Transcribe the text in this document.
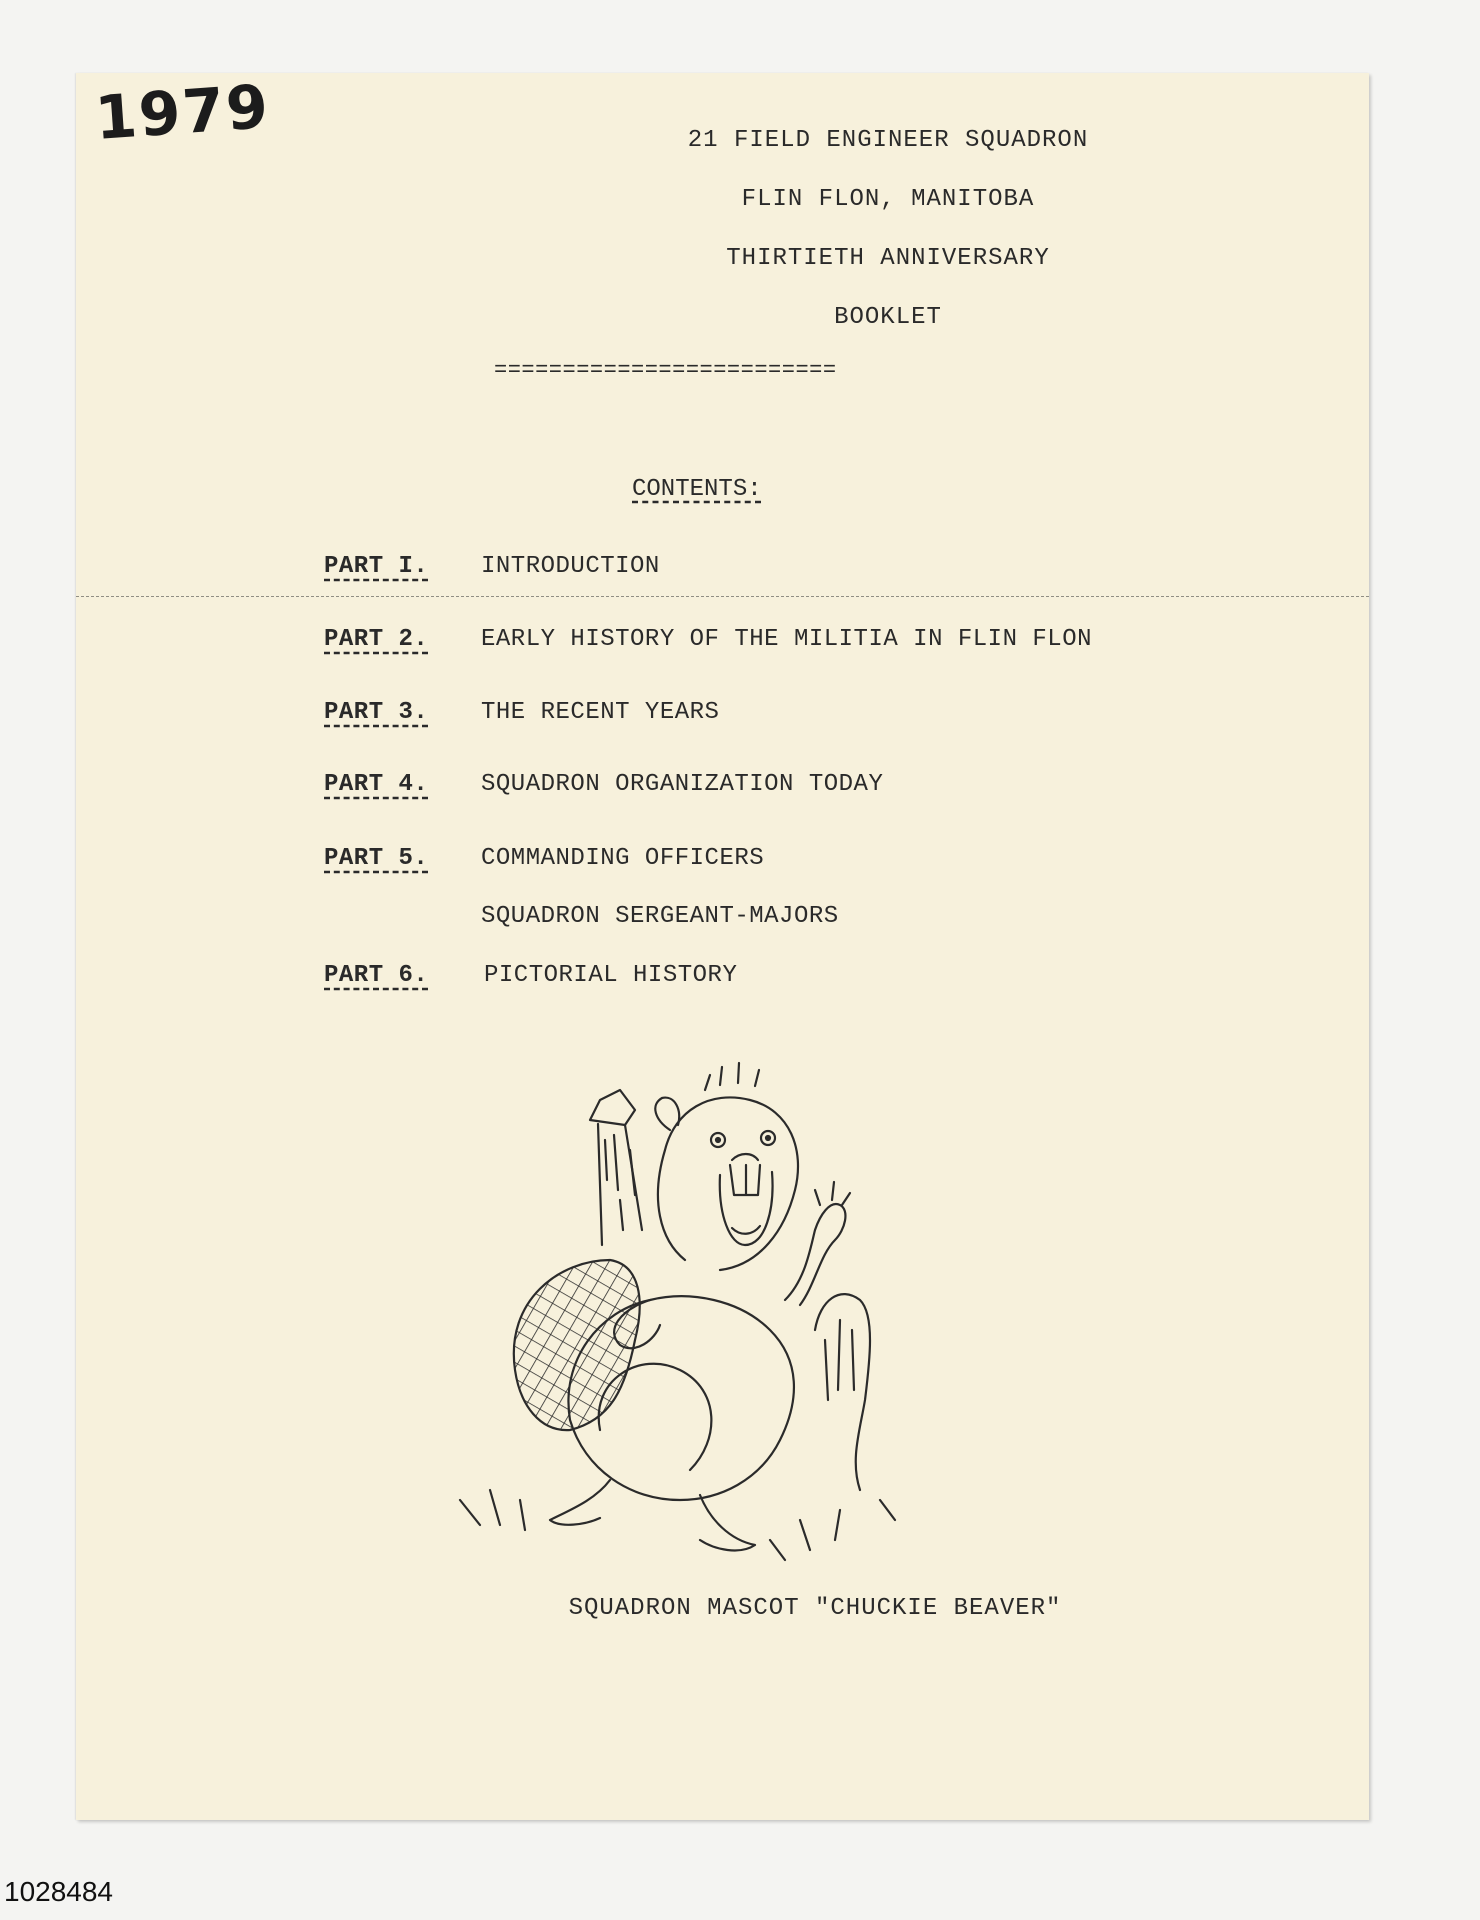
1979	21 FIELD ENGINEER SQUADRON
FLIN FLON, MANITOBA
THIRTIETH ANNIVERSARY
BOOKLET
=========================
CONTENTS:
PART I. INTRODUCTION
PART 2. EARLY HISTORY OF THE MILITIA IN FLIN FLON
PART 3. THE RECENT YEARS
PART 4. SQUADRON ORGANIZATION TODAY
PART 5. COMMANDING OFFICERS
SQUADRON SERGEANT-MAJORS
PART 6. PICTORIAL HISTORY
SQUADRON MASCOT "CHUCKIE BEAVER"
1028484
